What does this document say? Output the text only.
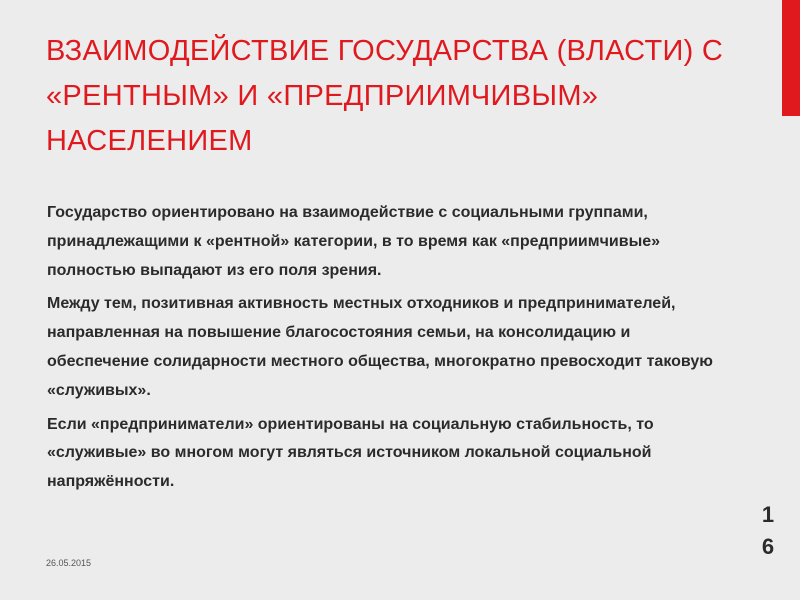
ВЗАИМОДЕЙСТВИЕ ГОСУДАРСТВА (ВЛАСТИ) С «РЕНТНЫМ» И «ПРЕДПРИИМЧИВЫМ» НАСЕЛЕНИЕМ

Государство ориентировано на взаимодействие с социальными группами, принадлежащими к «рентной» категории, в то время как «предприимчивые» полностью выпадают из его поля зрения.

Между тем, позитивная активность местных отходников и предпринимателей, направленная на повышение благосостояния семьи, на консолидацию и обеспечение солидарности местного общества, многократно превосходит таковую «служивых».

Если «предприниматели» ориентированы на социальную стабильность, то «служивые» во многом могут являться источником локальной социальной напряжённости.

26.05.2015
16
